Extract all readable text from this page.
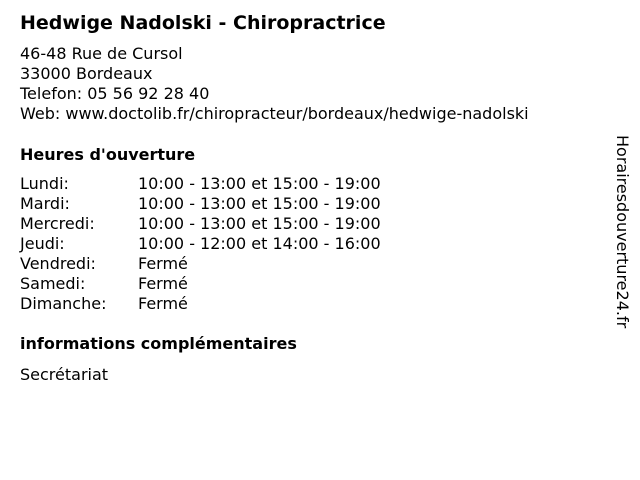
Hedwige Nadolski - Chiropractrice
46-48 Rue de Cursol
33000 Bordeaux
Telefon: 05 56 92 28 40
Web: www.doctolib.fr/chiropracteur/bordeaux/hedwige-nadolski
Heures d'ouverture
Lundi:	10:00 - 13:00 et 15:00 - 19:00
Mardi:	10:00 - 13:00 et 15:00 - 19:00
Mercredi:	10:00 - 13:00 et 15:00 - 19:00
Jeudi:	10:00 - 12:00 et 14:00 - 16:00
Vendredi:	Fermé
Samedi:	Fermé
Dimanche: Fermé
informations complémentaires
Secrétariat
Horairesdouverture24.fr
